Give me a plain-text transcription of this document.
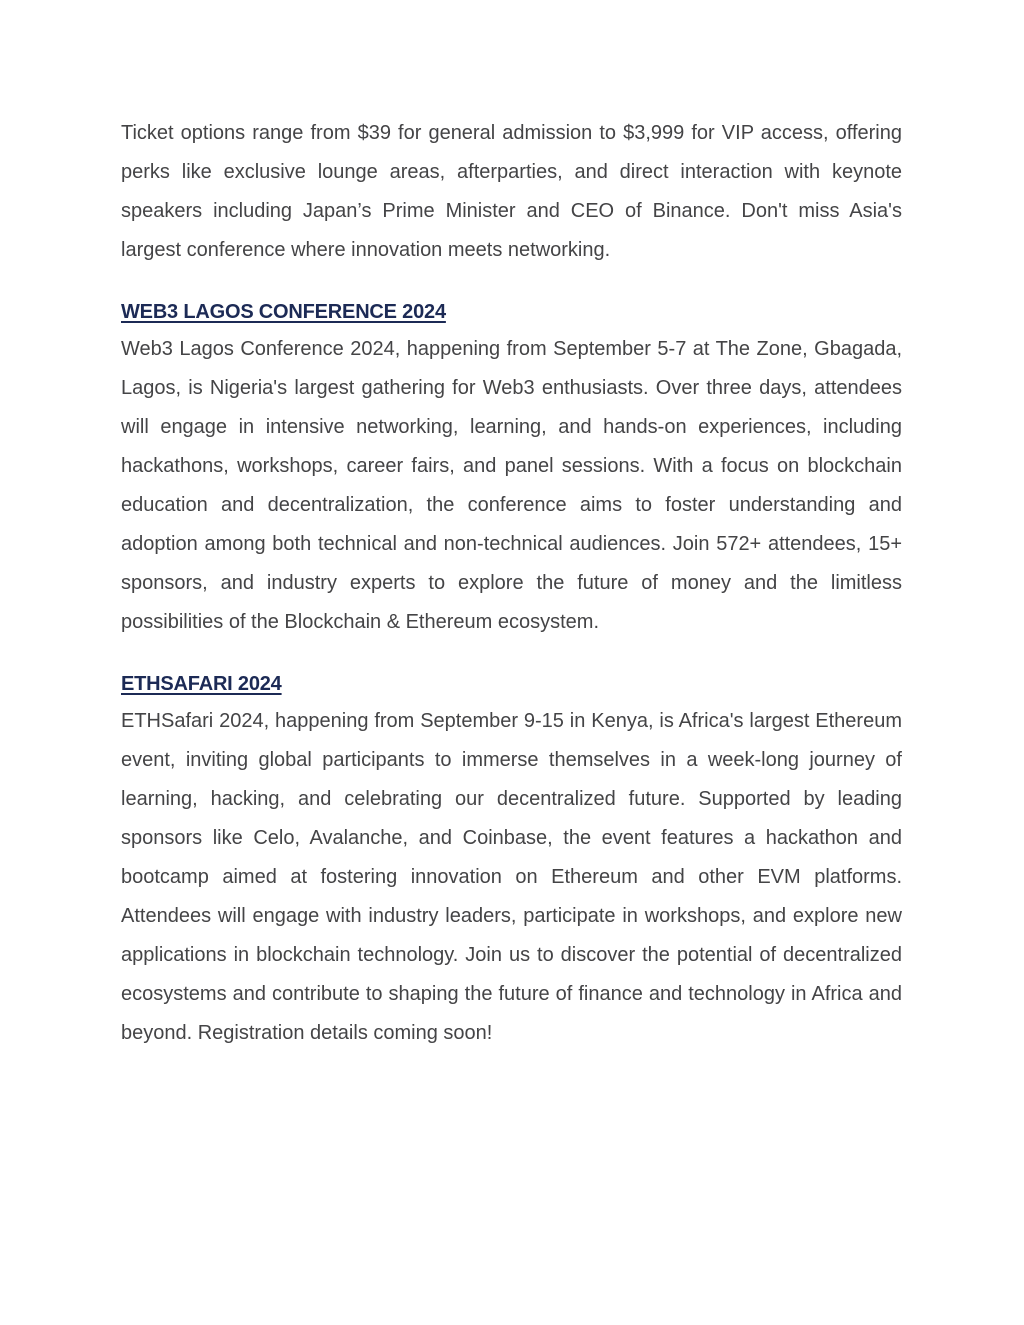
Ticket options range from $39 for general admission to $3,999 for VIP access, offering perks like exclusive lounge areas, afterparties, and direct interaction with keynote speakers including Japan’s Prime Minister and CEO of Binance. Don't miss Asia's largest conference where innovation meets networking.

WEB3 LAGOS CONFERENCE 2024

Web3 Lagos Conference 2024, happening from September 5-7 at The Zone, Gbagada, Lagos, is Nigeria's largest gathering for Web3 enthusiasts. Over three days, attendees will engage in intensive networking, learning, and hands-on experiences, including hackathons, workshops, career fairs, and panel sessions. With a focus on blockchain education and decentralization, the conference aims to foster understanding and adoption among both technical and non-technical audiences. Join 572+ attendees, 15+ sponsors, and industry experts to explore the future of money and the limitless possibilities of the Blockchain & Ethereum ecosystem.

ETHSAFARI 2024

ETHSafari 2024, happening from September 9-15 in Kenya, is Africa's largest Ethereum event, inviting global participants to immerse themselves in a week-long journey of learning, hacking, and celebrating our decentralized future. Supported by leading sponsors like Celo, Avalanche, and Coinbase, the event features a hackathon and bootcamp aimed at fostering innovation on Ethereum and other EVM platforms. Attendees will engage with industry leaders, participate in workshops, and explore new applications in blockchain technology. Join us to discover the potential of decentralized ecosystems and contribute to shaping the future of finance and technology in Africa and beyond. Registration details coming soon!
